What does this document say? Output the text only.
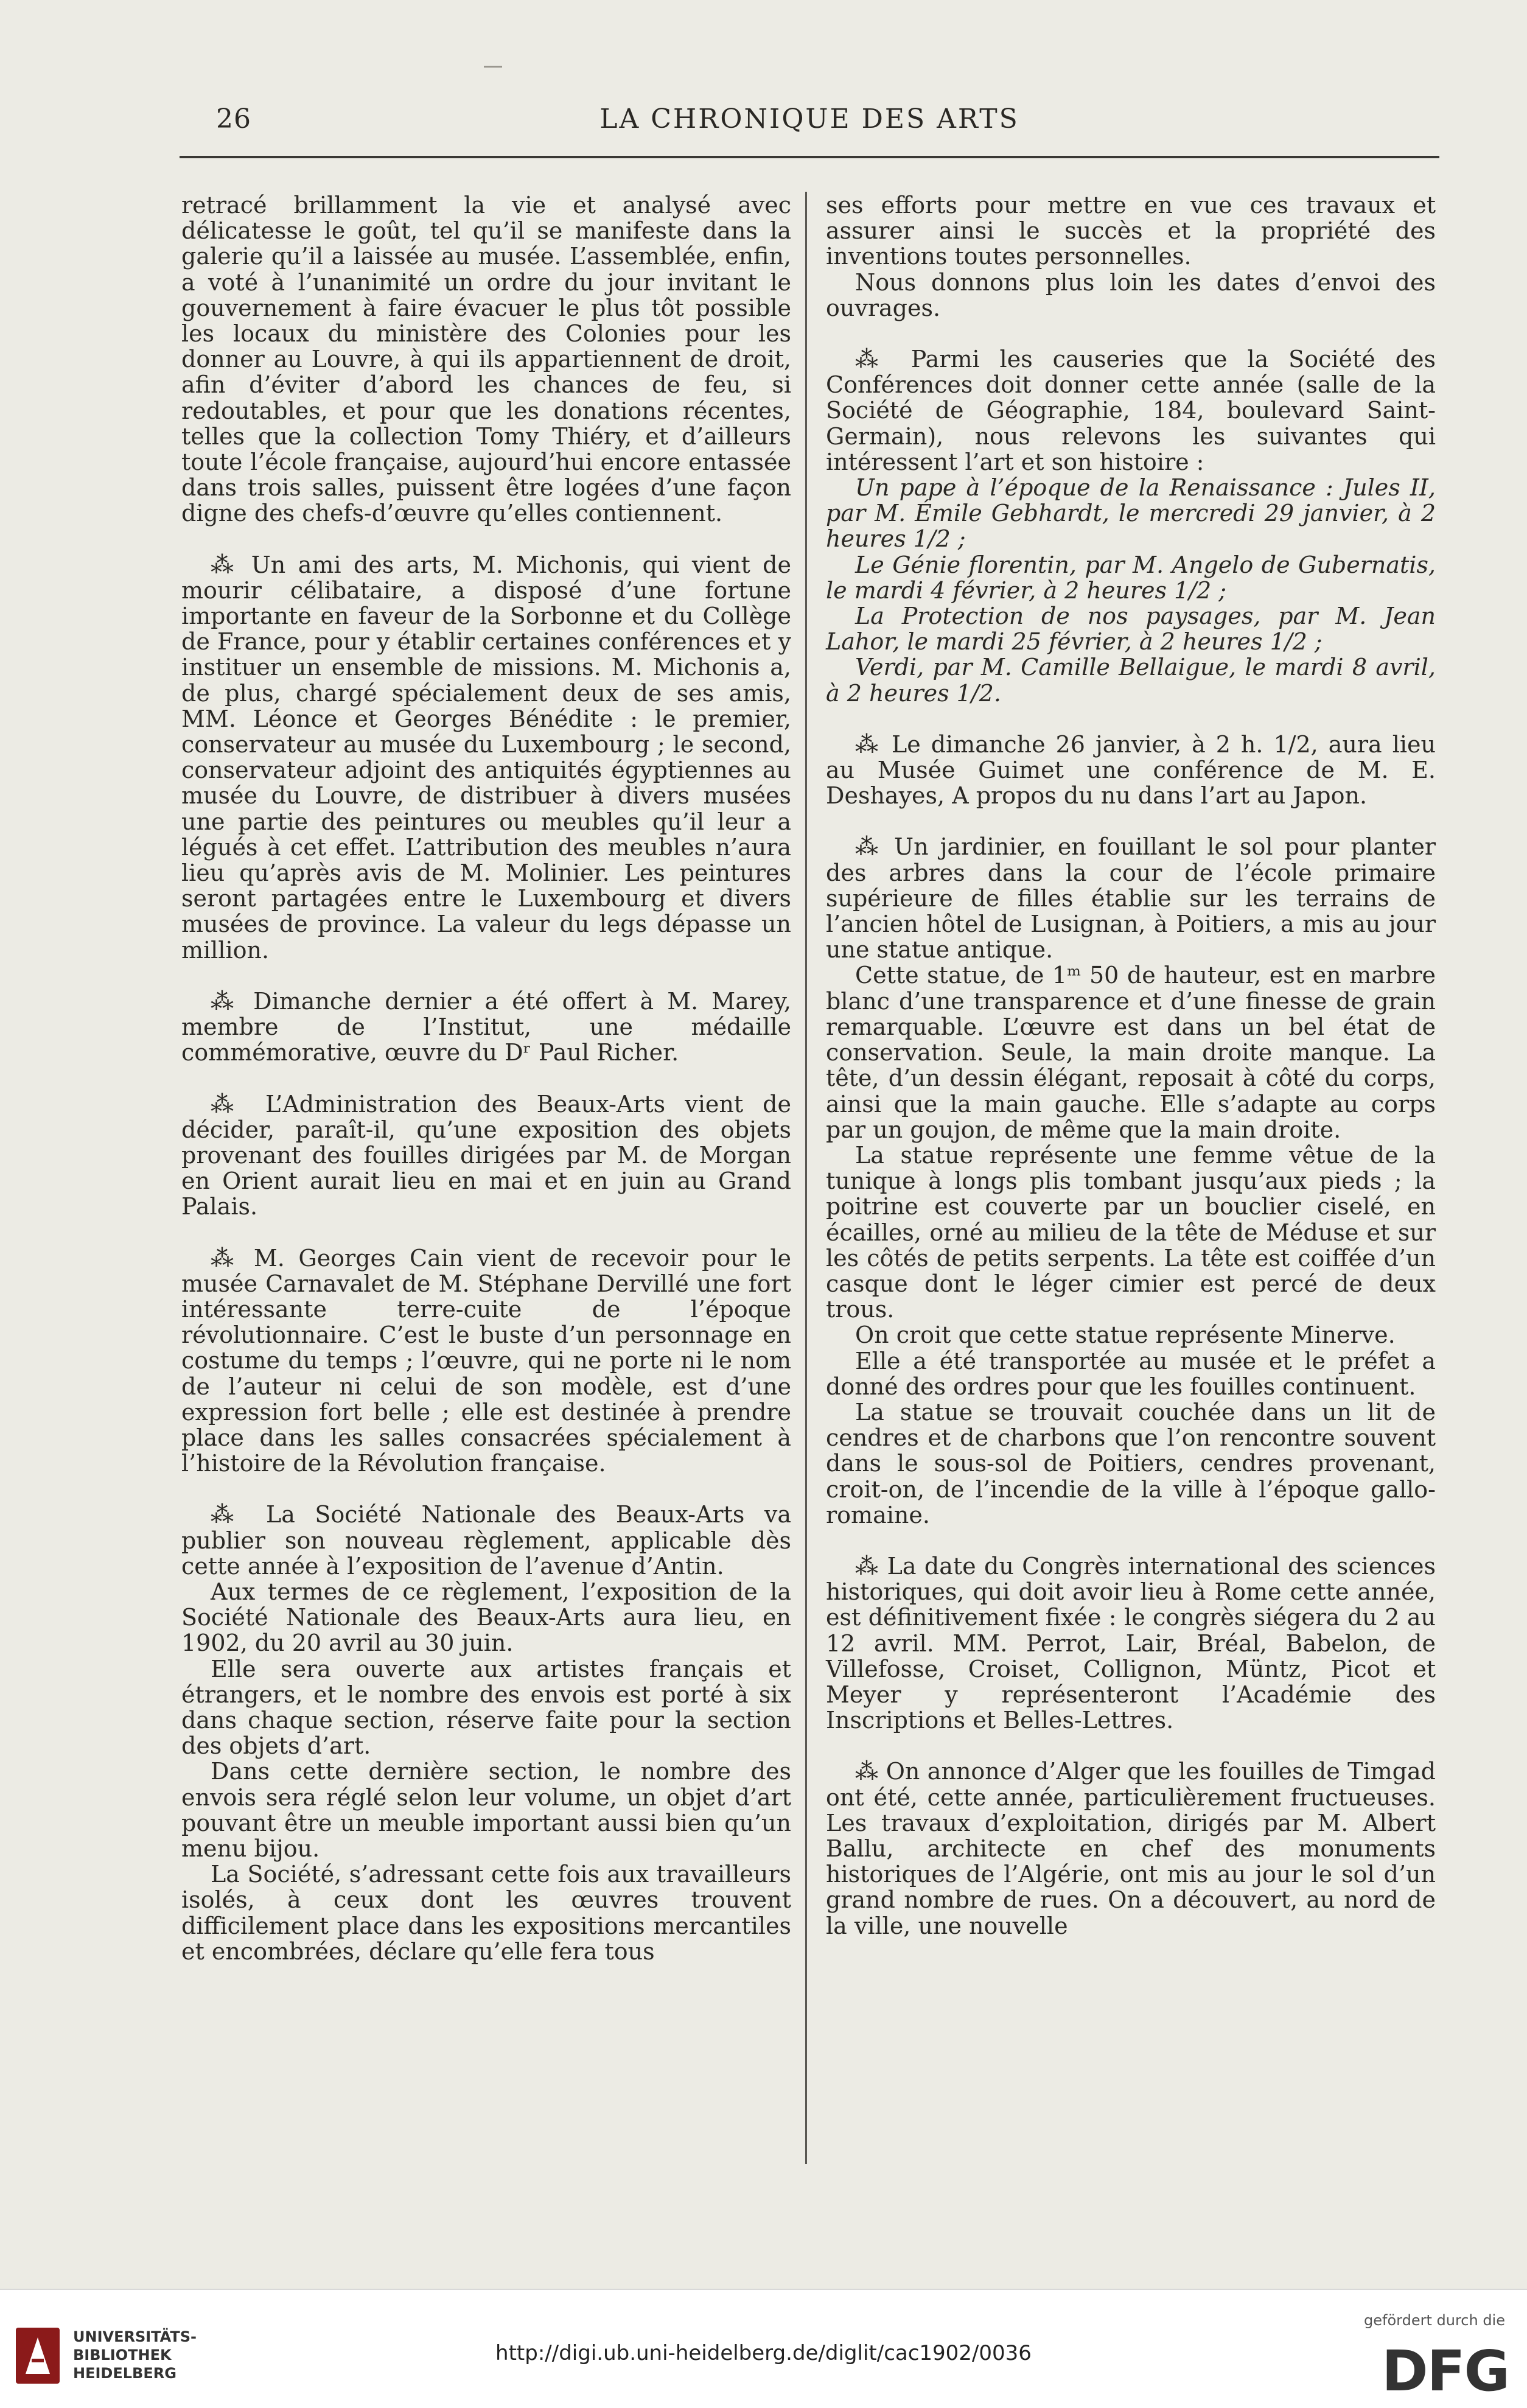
26	LA CHRONIQUE DES ARTS

retracé brillamment la vie et analysé avec délicatesse le goût, tel qu’il se manifeste dans la galerie qu’il a laissée au musée. L’assemblée, enfin, a voté à l’unanimité un ordre du jour invitant le gouvernement à faire évacuer le plus tôt possible les locaux du ministère des Colonies pour les donner au Louvre, à qui ils appartiennent de droit, afin d’éviter d’abord les chances de feu, si redoutables, et pour que les donations récentes, telles que la collection Tomy Thiéry, et d’ailleurs toute l’école française, aujourd’hui encore entassée dans trois salles, puissent être logées d’une façon digne des chefs-d’œuvre qu’elles contiennent.

⁂ Un ami des arts, M. Michonis, qui vient de mourir célibataire, a disposé d’une fortune importante en faveur de la Sorbonne et du Collège de France, pour y établir certaines conférences et y instituer un ensemble de missions. M. Michonis a, de plus, chargé spécialement deux de ses amis, MM. Léonce et Georges Bénédite : le premier, conservateur au musée du Luxembourg ; le second, conservateur adjoint des antiquités égyptiennes au musée du Louvre, de distribuer à divers musées une partie des peintures ou meubles qu’il leur a légués à cet effet. L’attribution des meubles n’aura lieu qu’après avis de M. Molinier. Les peintures seront partagées entre le Luxembourg et divers musées de province. La valeur du legs dépasse un million.

⁂ Dimanche dernier a été offert à M. Marey, membre de l’Institut, une médaille commémorative, œuvre du Dʳ Paul Richer.

⁂ L’Administration des Beaux-Arts vient de décider, paraît-il, qu’une exposition des objets provenant des fouilles dirigées par M. de Morgan en Orient aurait lieu en mai et en juin au Grand Palais.

⁂ M. Georges Cain vient de recevoir pour le musée Carnavalet de M. Stéphane Dervillé une fort intéressante terre-cuite de l’époque révolutionnaire. C’est le buste d’un personnage en costume du temps ; l’œuvre, qui ne porte ni le nom de l’auteur ni celui de son modèle, est d’une expression fort belle ; elle est destinée à prendre place dans les salles consacrées spécialement à l’histoire de la Révolution française.

⁂ La Société Nationale des Beaux-Arts va publier son nouveau règlement, applicable dès cette année à l’exposition de l’avenue d’Antin.

Aux termes de ce règlement, l’exposition de la Société Nationale des Beaux-Arts aura lieu, en 1902, du 20 avril au 30 juin.

Elle sera ouverte aux artistes français et étrangers, et le nombre des envois est porté à six dans chaque section, réserve faite pour la section des objets d’art.

Dans cette dernière section, le nombre des envois sera réglé selon leur volume, un objet d’art pouvant être un meuble important aussi bien qu’un menu bijou.

La Société, s’adressant cette fois aux travailleurs isolés, à ceux dont les œuvres trouvent difficilement place dans les expositions mercantiles et encombrées, déclare qu’elle fera tous

ses efforts pour mettre en vue ces travaux et assurer ainsi le succès et la propriété des inventions toutes personnelles.

Nous donnons plus loin les dates d’envoi des ouvrages.

⁂ Parmi les causeries que la Société des Conférences doit donner cette année (salle de la Société de Géographie, 184, boulevard Saint-Germain), nous relevons les suivantes qui intéressent l’art et son histoire :

Un pape à l’époque de la Renaissance : Jules II, par M. Émile Gebhardt, le mercredi 29 janvier, à 2 heures 1/2 ;

Le Génie florentin, par M. Angelo de Gubernatis, le mardi 4 février, à 2 heures 1/2 ;

La Protection de nos paysages, par M. Jean Lahor, le mardi 25 février, à 2 heures 1/2 ;

Verdi, par M. Camille Bellaigue, le mardi 8 avril, à 2 heures 1/2.

⁂ Le dimanche 26 janvier, à 2 h. 1/2, aura lieu au Musée Guimet une conférence de M. E. Deshayes, A propos du nu dans l’art au Japon.

⁂ Un jardinier, en fouillant le sol pour planter des arbres dans la cour de l’école primaire supérieure de filles établie sur les terrains de l’ancien hôtel de Lusignan, à Poitiers, a mis au jour une statue antique.

Cette statue, de 1ᵐ 50 de hauteur, est en marbre blanc d’une transparence et d’une finesse de grain remarquable. L’œuvre est dans un bel état de conservation. Seule, la main droite manque. La tête, d’un dessin élégant, reposait à côté du corps, ainsi que la main gauche. Elle s’adapte au corps par un goujon, de même que la main droite.

La statue représente une femme vêtue de la tunique à longs plis tombant jusqu’aux pieds ; la poitrine est couverte par un bouclier ciselé, en écailles, orné au milieu de la tête de Méduse et sur les côtés de petits serpents. La tête est coiffée d’un casque dont le léger cimier est percé de deux trous.

On croit que cette statue représente Minerve.

Elle a été transportée au musée et le préfet a donné des ordres pour que les fouilles continuent.

La statue se trouvait couchée dans un lit de cendres et de charbons que l’on rencontre souvent dans le sous-sol de Poitiers, cendres provenant, croit-on, de l’incendie de la ville à l’époque gallo-romaine.

⁂ La date du Congrès international des sciences historiques, qui doit avoir lieu à Rome cette année, est définitivement fixée : le congrès siégera du 2 au 12 avril. MM. Perrot, Lair, Bréal, Babelon, de Villefosse, Croiset, Collignon, Müntz, Picot et Meyer y représenteront l’Académie des Inscriptions et Belles-Lettres.

⁂ On annonce d’Alger que les fouilles de Timgad ont été, cette année, particulièrement fructueuses. Les travaux d’exploitation, dirigés par M. Albert Ballu, architecte en chef des monuments historiques de l’Algérie, ont mis au jour le sol d’un grand nombre de rues. On a découvert, au nord de la ville, une nouvelle

UNIVERSITÄTS-
BIBLIOTHEK
HEIDELBERG
http://digi.ub.uni-heidelberg.de/diglit/cac1902/0036
gefördert durch die
DFG
